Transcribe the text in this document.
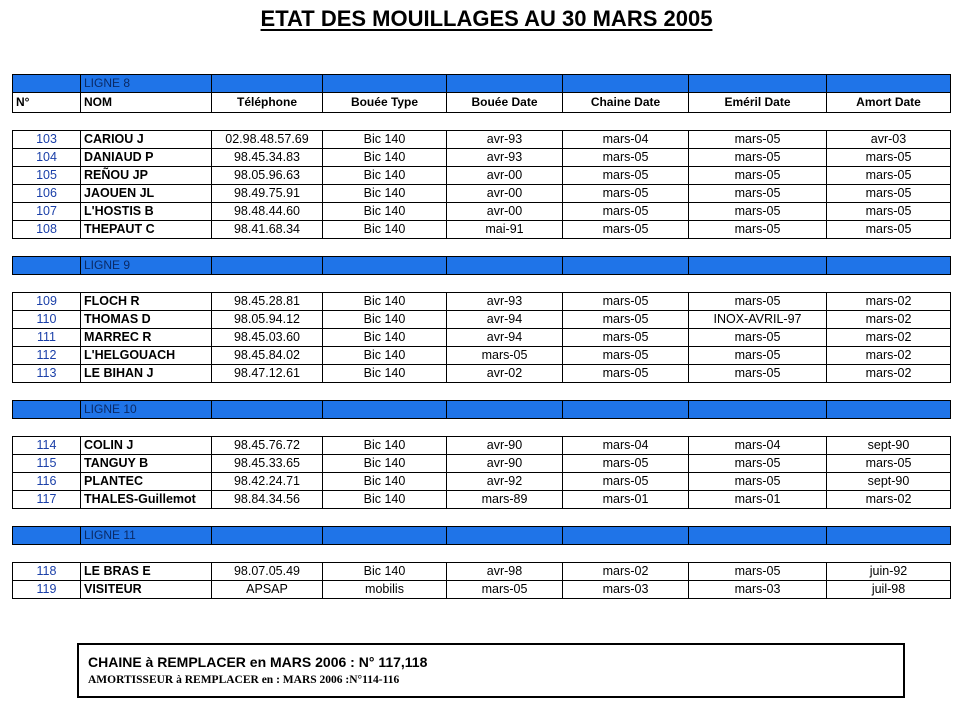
ETAT DES MOUILLAGES AU 30 MARS 2005
	LIGNE 8						
N°	NOM	Téléphone	Bouée Type	Bouée Date	Chaine Date	Eméril Date	Amort Date

103	CARIOU J	02.98.48.57.69	Bic 140	avr-93	mars-04	mars-05	avr-03
104	DANIAUD P	98.45.34.83	Bic 140	avr-93	mars-05	mars-05	mars-05
105	REÑOU JP	98.05.96.63	Bic 140	avr-00	mars-05	mars-05	mars-05
106	JAOUEN JL	98.49.75.91	Bic 140	avr-00	mars-05	mars-05	mars-05
107	L'HOSTIS B	98.48.44.60	Bic 140	avr-00	mars-05	mars-05	mars-05
108	THEPAUT C	98.41.68.34	Bic 140	mai-91	mars-05	mars-05	mars-05

	LIGNE 9						

109	FLOCH R	98.45.28.81	Bic 140	avr-93	mars-05	mars-05	mars-02
110	THOMAS D	98.05.94.12	Bic 140	avr-94	mars-05	INOX-AVRIL-97	mars-02
111	MARREC R	98.45.03.60	Bic 140	avr-94	mars-05	mars-05	mars-02
112	L'HELGOUACH	98.45.84.02	Bic 140	mars-05	mars-05	mars-05	mars-02
113	LE BIHAN J	98.47.12.61	Bic 140	avr-02	mars-05	mars-05	mars-02

	LIGNE 10						

114	COLIN J	98.45.76.72	Bic 140	avr-90	mars-04	mars-04	sept-90
115	TANGUY B	98.45.33.65	Bic 140	avr-90	mars-05	mars-05	mars-05
116	PLANTEC	98.42.24.71	Bic 140	avr-92	mars-05	mars-05	sept-90
117	THALES-Guillemot	98.84.34.56	Bic 140	mars-89	mars-01	mars-01	mars-02

	LIGNE 11						

118	LE BRAS E	98.07.05.49	Bic 140	avr-98	mars-02	mars-05	juin-92
119	VISITEUR	APSAP	mobilis	mars-05	mars-03	mars-03	juil-98
CHAINE à REMPLACER en MARS 2006 : N° 117,118
AMORTISSEUR à REMPLACER en : MARS 2006 :N°114-116
